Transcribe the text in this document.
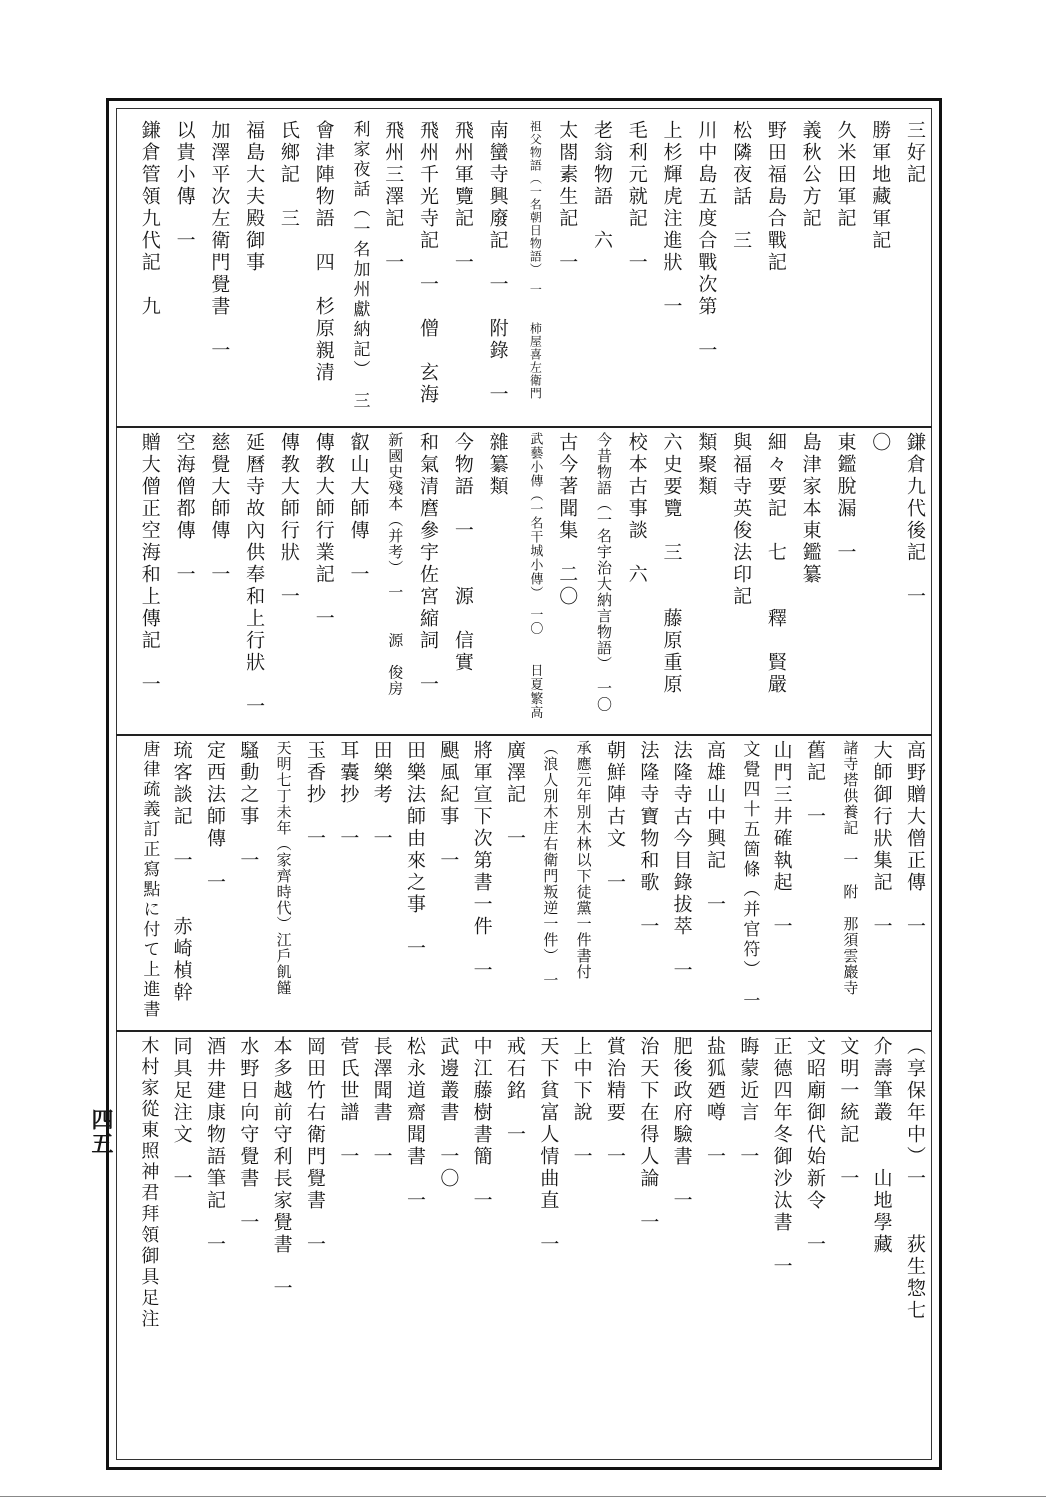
三好記
勝軍地藏軍記
久米田軍記
義秋公方記
野田福島合戰記
松隣夜話　三
川中島五度合戰次第　一
上杉輝虎注進狀　一
毛利元就記　一
老翁物語　六
太閤素生記　一
祖父物語（一名朝日物語）　一　　柿屋喜左衛門
南蠻寺興廢記　一　附錄　一
飛州軍覽記　一
飛州千光寺記　一　僧　玄海
飛州三澤記　一
利家夜話（一名加州獻納記）　三
會津陣物語　四　杉原親清
氏鄉記　三
福島大夫殿御事
加澤平次左衛門覺書　一
以貴小傳　一
鎌倉管領九代記　九
鎌倉九代後記　一
〇
東鑑脫漏　一
島津家本東鑑纂
細々要記　七　　釋　賢嚴
與福寺英俊法印記
類聚類
六史要覽　三　　藤原重原
校本古事談　六
今昔物語（一名宇治大納言物語）　一〇
古今著聞集　二〇
武藝小傳（一名干城小傳）　一〇　　日夏繁高
雜纂類
今物語　一　　源　信實
和氣清麿參宇佐宮縮詞　一
新國史殘本（并考）　一　　源　俊房
叡山大師傳　一
傳教大師行業記　一
傳教大師行狀　一
延曆寺故內供奉和上行狀　一
慈覺大師傳　一
空海僧都傳　一
贈大僧正空海和上傳記　一
高野贈大僧正傳　一
大師御行狀集記　一
諸寺塔供養記　一　附　那須雲巖寺
舊記　一
山門三井確執起　一
文覺四十五箇條（并官符）　一
高雄山中興記　一
法隆寺古今目錄拔萃　一
法隆寺寶物和歌　一
朝鮮陣古文　一
承應元年別木林以下徒黨一件書付
（浪人別木庄右衛門叛逆一件）　一
廣澤記　一
將軍宣下次第書一件　一
颶風紀事　一
田樂法師由來之事　一
田樂考　一
耳囊抄　一
玉香抄　一
天明七丁未年（家齊時代）江戶飢饉
騷動之事　一
定西法師傳　一
琉客談記　一　　赤崎楨幹
唐律疏義訂正寫點に付て上進書
（享保年中）一　　荻生惣七
介壽筆叢　　山地學藏
文明一統記　一
文昭廟御代始新令　一
正德四年冬御沙汰書　一
晦蒙近言　一
盐狐廼噂　一
肥後政府驗書　一
治天下在得人論　一
賞治精要　一
上中下說　一
天下貧富人情曲直　一
戒石銘　一
中江藤樹書簡　一
武邊叢書　一〇
松永道齋聞書　一
長澤聞書　一
菅氏世譜　一
岡田竹右衛門覺書　一
本多越前守利長家覺書　一
水野日向守覺書　一
酒井建康物語筆記　一
同具足注文　一
木村家從東照神君拜領御具足注
四五
